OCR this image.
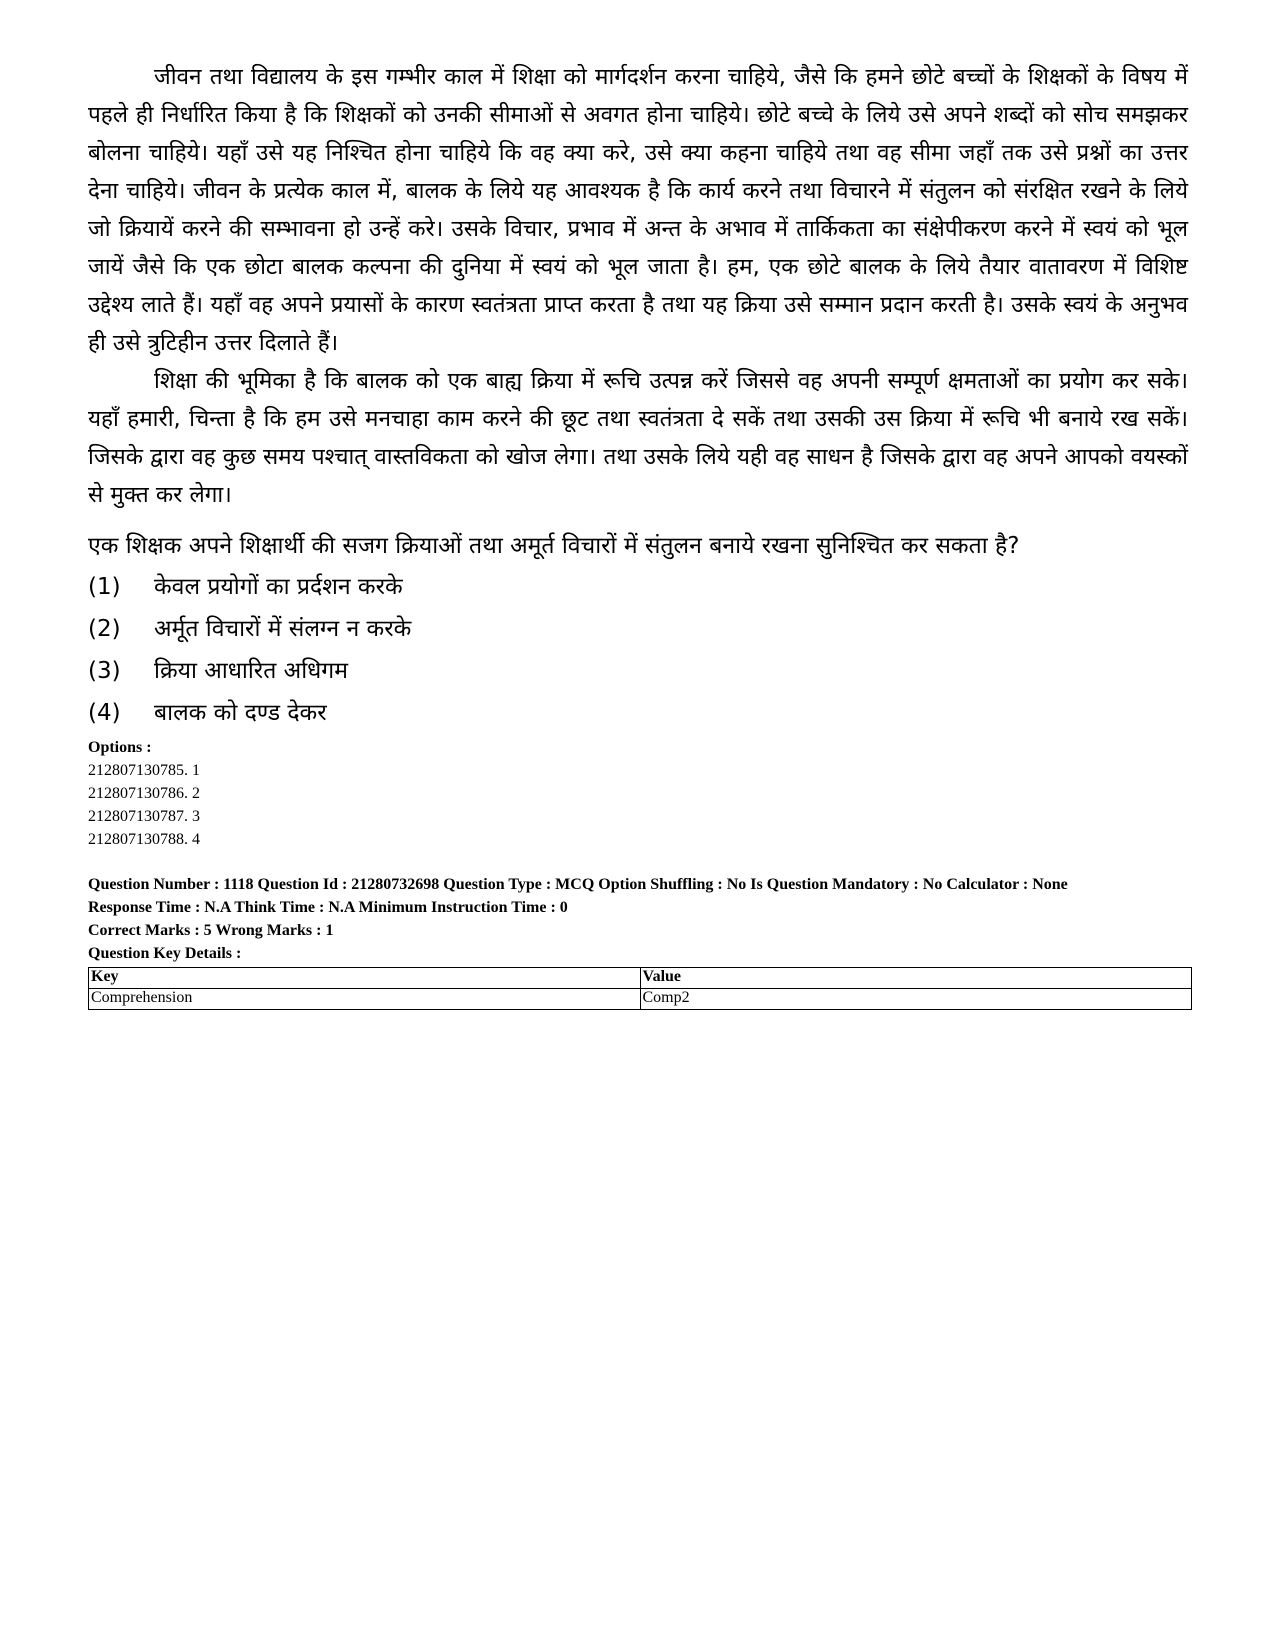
जीवन तथा विद्यालय के इस गम्भीर काल में शिक्षा को मार्गदर्शन करना चाहिये, जैसे कि हमने छोटे बच्चों के शिक्षकों के विषय में पहले ही निर्धारित किया है कि शिक्षकों को उनकी सीमाओं से अवगत होना चाहिये। छोटे बच्चे के लिये उसे अपने शब्दों को सोच समझकर बोलना चाहिये। यहाँ उसे यह निश्चित होना चाहिये कि वह क्या करे, उसे क्या कहना चाहिये तथा वह सीमा जहाँ तक उसे प्रश्नों का उत्तर देना चाहिये। जीवन के प्रत्येक काल में, बालक के लिये यह आवश्यक है कि कार्य करने तथा विचारने में संतुलन को संरक्षित रखने के लिये जो क्रियायें करने की सम्भावना हो उन्हें करे। उसके विचार, प्रभाव में अन्त के अभाव में तार्किकता का संक्षेपीकरण करने में स्वयं को भूल जायें जैसे कि एक छोटा बालक कल्पना की दुनिया में स्वयं को भूल जाता है। हम, एक छोटे बालक के लिये तैयार वातावरण में विशिष्ट उद्देश्य लाते हैं। यहाँ वह अपने प्रयासों के कारण स्वतंत्रता प्राप्त करता है तथा यह क्रिया उसे सम्मान प्रदान करती है। उसके स्वयं के अनुभव ही उसे त्रुटिहीन उत्तर दिलाते हैं।

शिक्षा की भूमिका है कि बालक को एक बाह्य क्रिया में रूचि उत्पन्न करें जिससे वह अपनी सम्पूर्ण क्षमताओं का प्रयोग कर सके। यहाँ हमारी, चिन्ता है कि हम उसे मनचाहा काम करने की छूट तथा स्वतंत्रता दे सकें तथा उसकी उस क्रिया में रूचि भी बनाये रख सकें। जिसके द्वारा वह कुछ समय पश्चात् वास्तविकता को खोज लेगा। तथा उसके लिये यही वह साधन है जिसके द्वारा वह अपने आपको वयस्कों से मुक्त कर लेगा।

एक शिक्षक अपने शिक्षार्थी की सजग क्रियाओं तथा अमूर्त विचारों में संतुलन बनाये रखना सुनिश्चित कर सकता है?
(1)	केवल प्रयोगों का प्रर्दशन करके
(2)	अर्मूत विचारों में संलग्न न करके
(3)	क्रिया आधारित अधिगम
(4)	बालक को दण्ड देकर
Options :
212807130785. 1
212807130786. 2
212807130787. 3
212807130788. 4
Question Number : 1118 Question Id : 21280732698 Question Type : MCQ Option Shuffling : No Is Question Mandatory : No Calculator : None
Response Time : N.A Think Time : N.A Minimum Instruction Time : 0
Correct Marks : 5 Wrong Marks : 1
Question Key Details :
Key	Value
Comprehension	Comp2
